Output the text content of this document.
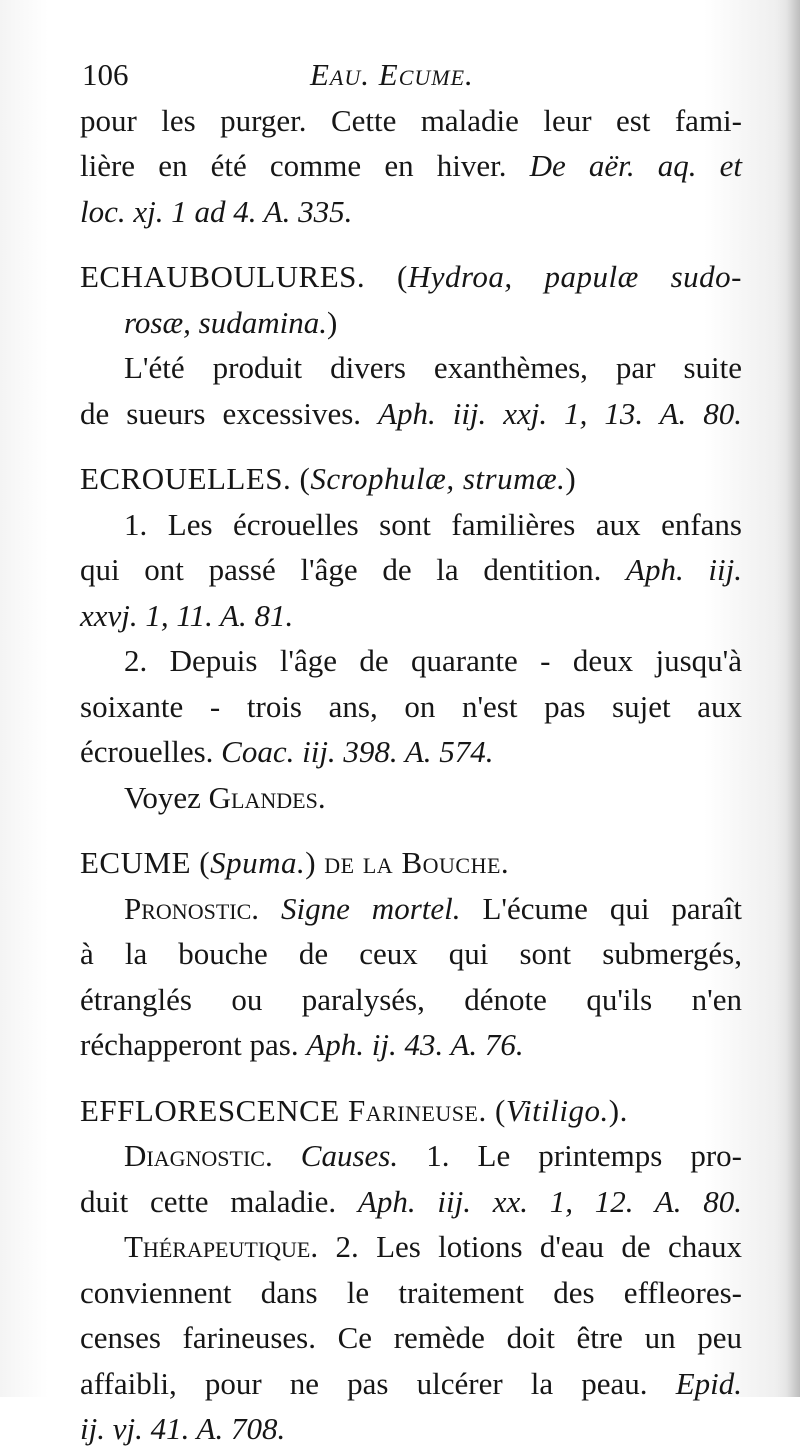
106	Eau. Ecume.
pour les purger. Cette maladie leur est fami-
lière en été comme en hiver. De aër. aq. et
loc. xj. 1 ad 4. A. 335.
ECHAUBOULURES. (Hydroa, papulæ sudo-
rosæ, sudamina.)
L'été produit divers exanthèmes, par suite
de sueurs excessives. Aph. iij. xxj. 1, 13. A. 80.
ECROUELLES. (Scrophulæ, strumæ.)
1. Les écrouelles sont familières aux enfans
qui ont passé l'âge de la dentition. Aph. iij.
xxvj. 1, 11. A. 81.
2. Depuis l'âge de quarante - deux jusqu'à
soixante - trois ans, on n'est pas sujet aux
écrouelles. Coac. iij. 398. A. 574.
Voyez Glandes.
ECUME (Spuma.) de la Bouche.
Pronostic. Signe mortel. L'écume qui paraît
à la bouche de ceux qui sont submergés,
étranglés ou paralysés, dénote qu'ils n'en
réchapperont pas. Aph. ij. 43. A. 76.
EFFLORESCENCE Farineuse. (Vitiligo.).
Diagnostic. Causes. 1. Le printemps pro-
duit cette maladie. Aph. iij. xx. 1, 12. A. 80.
Thérapeutique. 2. Les lotions d'eau de chaux
conviennent dans le traitement des effleores-
censes farineuses. Ce remède doit être un peu
affaibli, pour ne pas ulcérer la peau. Epid.
ij. vj. 41. A. 708.
